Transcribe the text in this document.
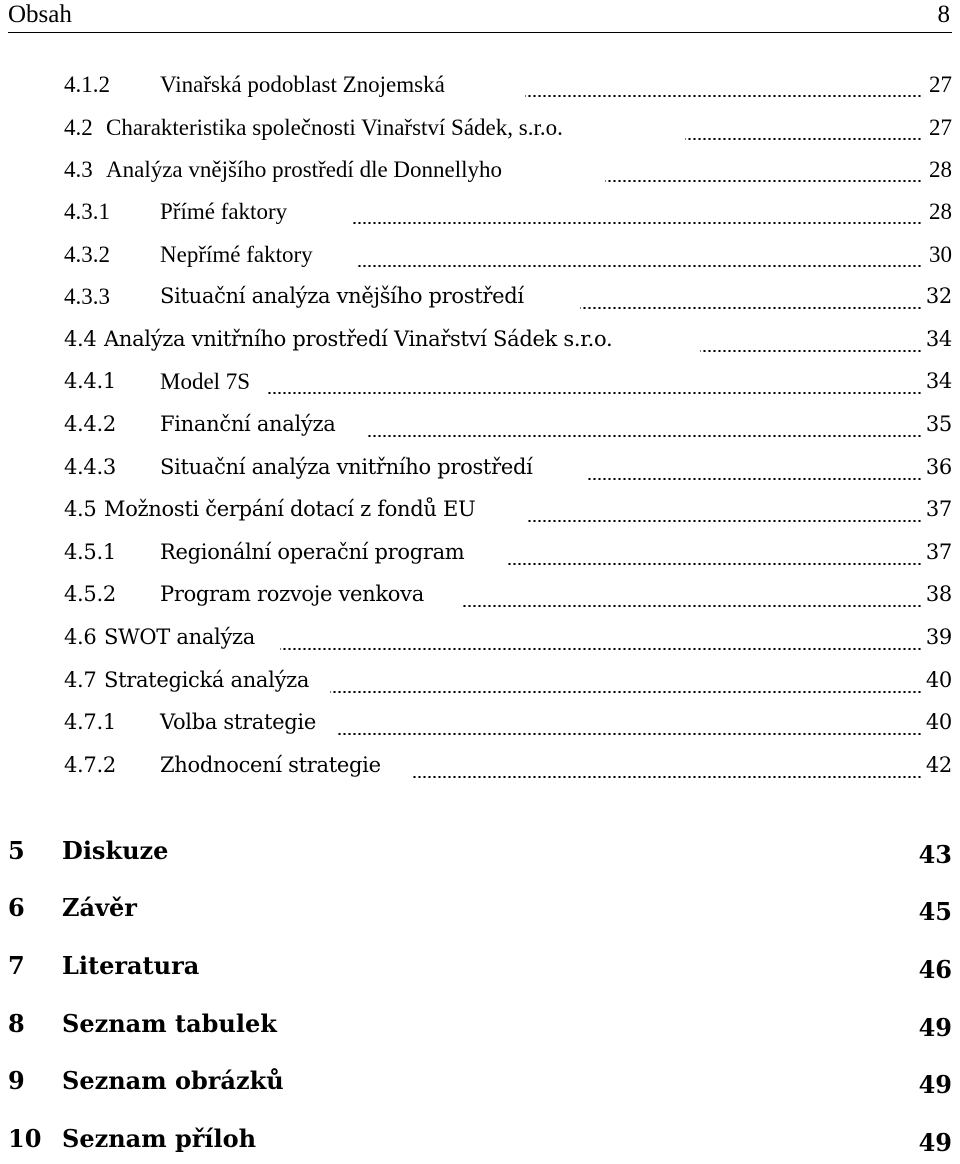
Obsah	8
4.1.2 Vinařská podoblast Znojemská	27
4.2 Charakteristika společnosti Vinařství Sádek, s.r.o.	27
4.3 Analýza vnějšího prostředí dle Donnellyho	28
4.3.1 Přímé faktory	28
4.3.2 Nepřímé faktory	30
4.3.3 Situační analýza vnějšího prostředí	32
4.4 Analýza vnitřního prostředí Vinařství Sádek s.r.o.	34
4.4.1 Model 7S	34
4.4.2 Finanční analýza	35
4.4.3 Situační analýza vnitřního prostředí	36
4.5 Možnosti čerpání dotací z fondů EU	37
4.5.1 Regionální operační program	37
4.5.2 Program rozvoje venkova	38
4.6 SWOT analýza	39
4.7 Strategická analýza	40
4.7.1 Volba strategie	40
4.7.2 Zhodnocení strategie	42
5 Diskuze	43
6 Závěr	45
7 Literatura	46
8 Seznam tabulek	49
9 Seznam obrázků	49
10 Seznam příloh	49
